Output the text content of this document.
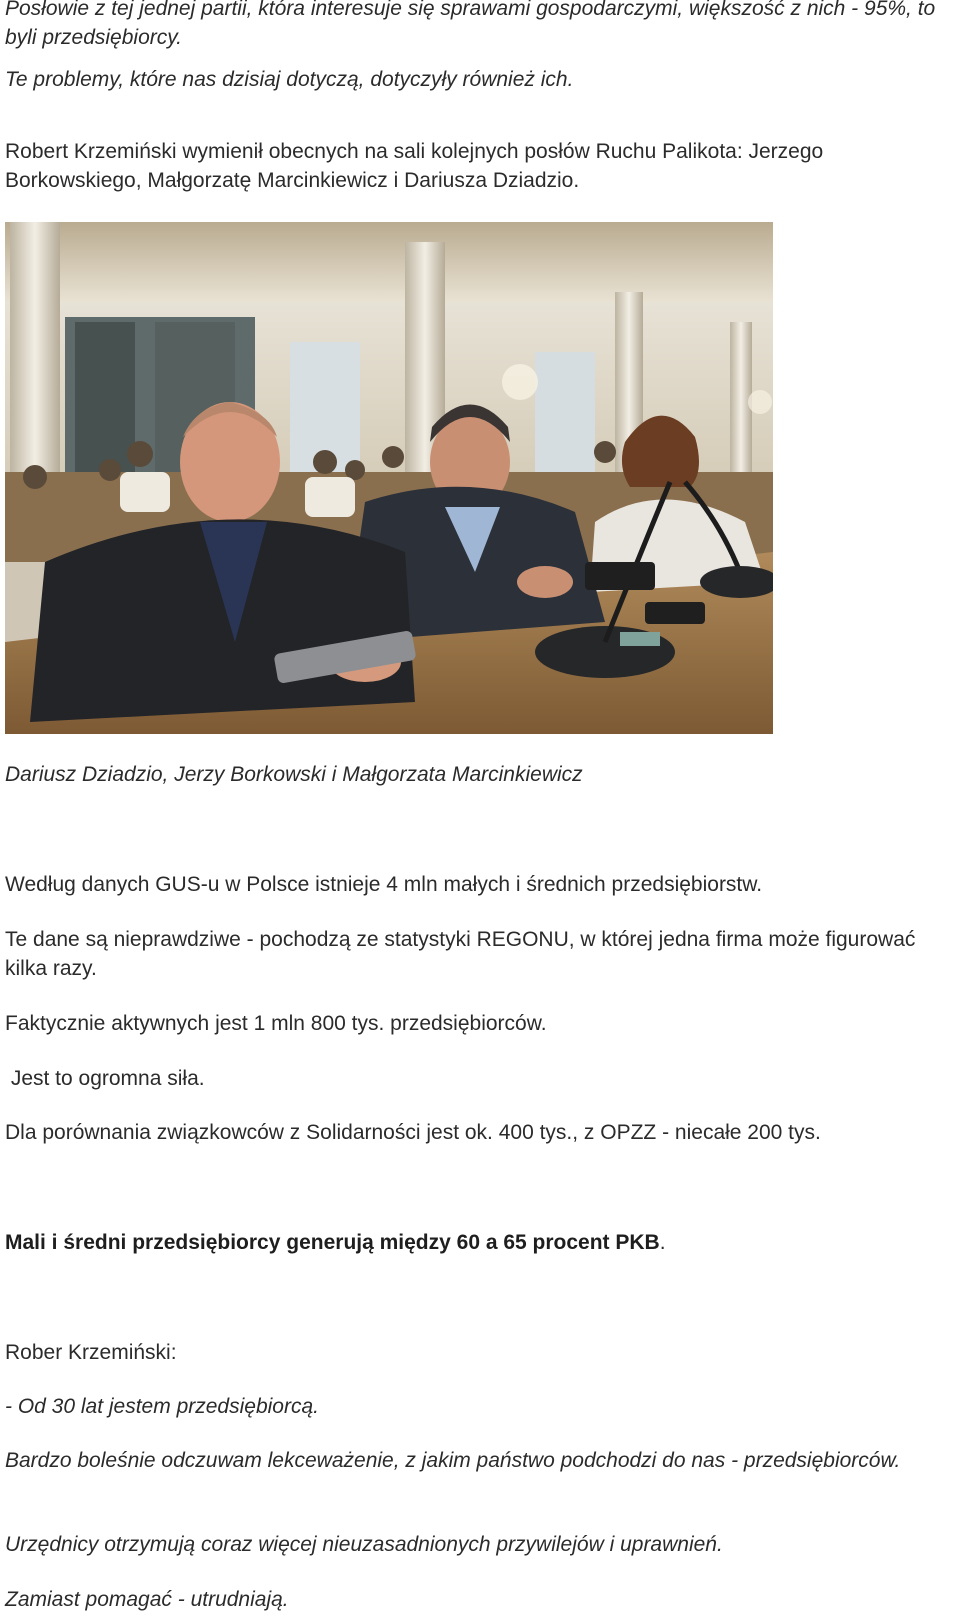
Posłowie z tej jednej partii, która interesuje się sprawami gospodarczymi, większość z nich - 95%, to byli przedsiębiorcy.

Te problemy, które nas dzisiaj dotyczą, dotyczyły również ich.

Robert Krzemiński wymienił obecnych na sali kolejnych posłów Ruchu Palikota: Jerzego Borkowskiego, Małgorzatę Marcinkiewicz i Dariusza Dziadzio.

Dariusz Dziadzio, Jerzy Borkowski i Małgorzata Marcinkiewicz

Według danych GUS-u w Polsce istnieje 4 mln małych i średnich przedsiębiorstw.

Te dane są nieprawdziwe - pochodzą ze statystyki REGONU, w której jedna firma może figurować kilka razy.

Faktycznie aktywnych jest 1 mln 800 tys. przedsiębiorców.

Jest to ogromna siła.

Dla porównania związkowców z Solidarności jest ok. 400 tys., z OPZZ - niecałe 200 tys.

Mali i średni przedsiębiorcy generują między 60 a 65 procent PKB.

Rober Krzemiński:

- Od 30 lat jestem przedsiębiorcą.

Bardzo boleśnie odczuwam lekceważenie, z jakim państwo podchodzi do nas - przedsiębiorców.

Urzędnicy otrzymują coraz więcej nieuzasadnionych przywilejów i uprawnień.

Zamiast pomagać - utrudniają.
